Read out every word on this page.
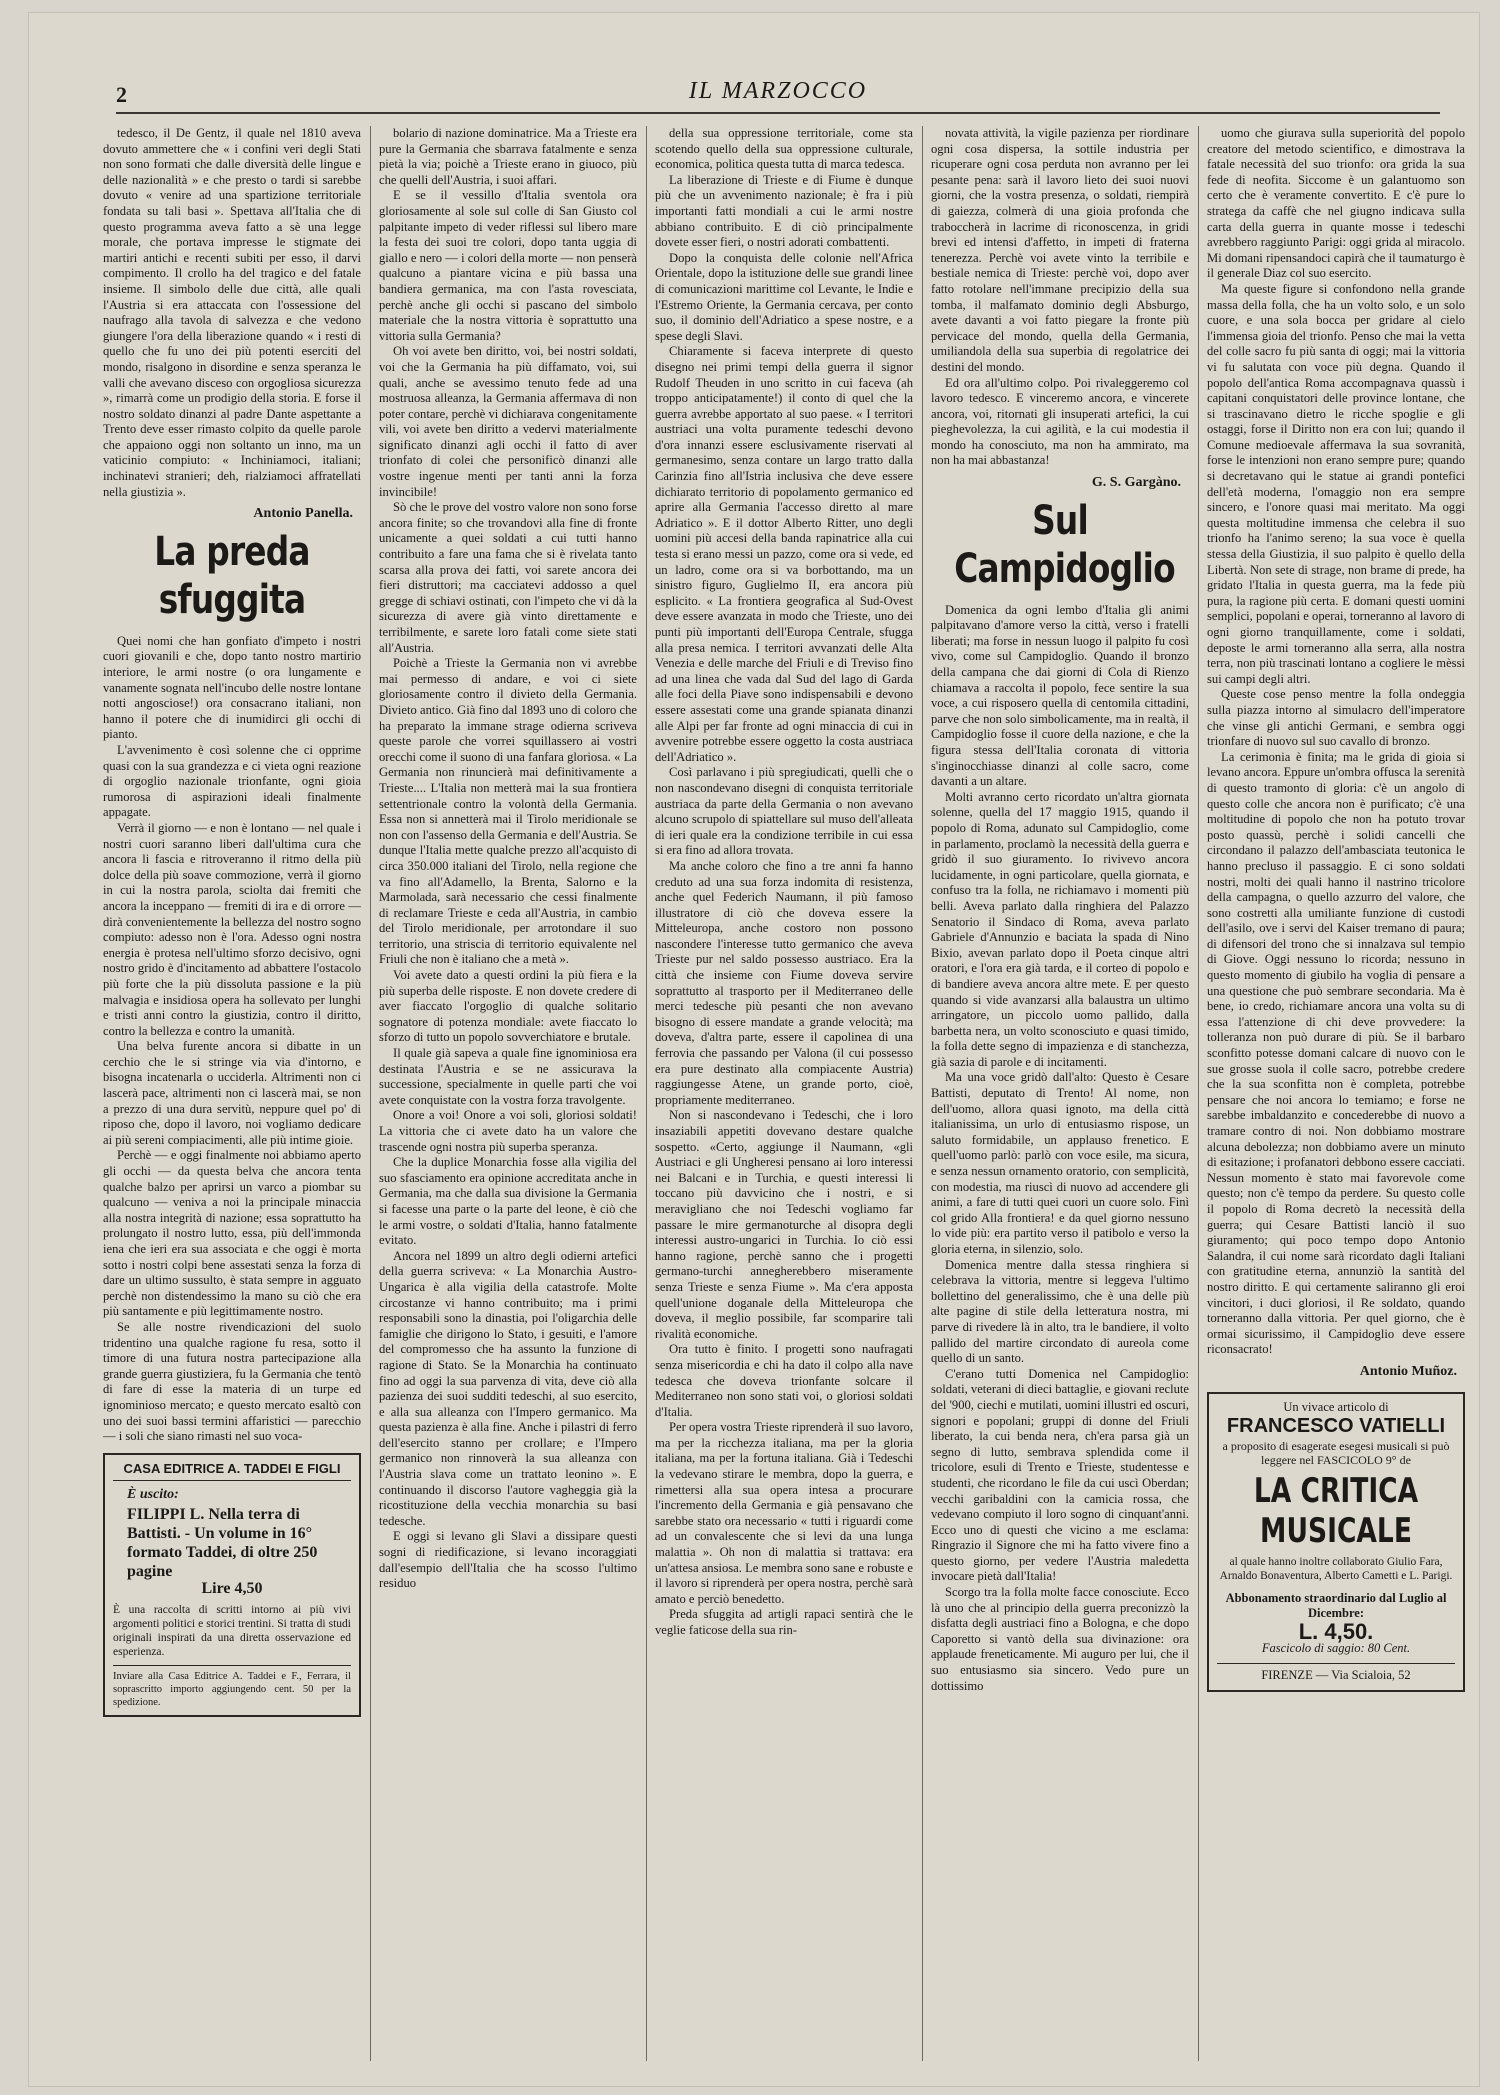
2	IL MARZOCCO

tedesco, il De Gentz, il quale nel 1810 aveva dovuto ammettere che « i confini veri degli Stati non sono formati che dalle diversità delle lingue e delle nazionalità » e che presto o tardi si sarebbe dovuto « venire ad una spartizione territoriale fondata su tali basi ». Spettava all'Italia che di questo programma aveva fatto a sè una legge morale, che portava impresse le stigmate dei martiri antichi e recenti subiti per esso, il darvi compimento. Il crollo ha del tragico e del fatale insieme. Il simbolo delle due città, alle quali l'Austria si era attaccata con l'ossessione del naufrago alla tavola di salvezza e che vedono giungere l'ora della liberazione quando « i resti di quello che fu uno dei più potenti eserciti del mondo, risalgono in disordine e senza speranza le valli che avevano disceso con orgogliosa sicurezza », rimarrà come un prodigio della storia. E forse il nostro soldato dinanzi al padre Dante aspettante a Trento deve esser rimasto colpito da quelle parole che appaiono oggi non soltanto un inno, ma un vaticinio compiuto: « Inchiniamoci, italiani; inchinatevi stranieri; deh, rialziamoci affratellati nella giustizia ».

Antonio Panella.

La preda sfuggita

Quei nomi che han gonfiato d'impeto i nostri cuori giovanili e che, dopo tanto nostro martirio interiore, le armi nostre (o ora lungamente e vanamente sognata nell'incubo delle nostre lontane notti angosciose!) ora consacrano italiani, non hanno il potere che di inumidirci gli occhi di pianto.

L'avvenimento è così solenne che ci opprime quasi con la sua grandezza e ci vieta ogni reazione di orgoglio nazionale trionfante, ogni gioia rumorosa di aspirazioni ideali finalmente appagate.

Verrà il giorno — e non è lontano — nel quale i nostri cuori saranno liberi dall'ultima cura che ancora li fascia e ritroveranno il ritmo della più dolce della più soave commozione, verrà il giorno in cui la nostra parola, sciolta dai fremiti che ancora la inceppano — fremiti di ira e di orrore — dirà convenientemente la bellezza del nostro sogno compiuto: adesso non è l'ora. Adesso ogni nostra energia è protesa nell'ultimo sforzo decisivo, ogni nostro grido è d'incitamento ad abbattere l'ostacolo più forte che la più dissoluta passione e la più malvagia e insidiosa opera ha sollevato per lunghi e tristi anni contro la giustizia, contro il diritto, contro la bellezza e contro la umanità.

Una belva furente ancora si dibatte in un cerchio che le si stringe via via d'intorno, e bisogna incatenarla o ucciderla. Altrimenti non ci lascerà pace, altrimenti non ci lascerà mai, se non a prezzo di una dura servitù, neppure quel po' di riposo che, dopo il lavoro, noi vogliamo dedicare ai più sereni compiacimenti, alle più intime gioie.

Perchè — e oggi finalmente noi abbiamo aperto gli occhi — da questa belva che ancora tenta qualche balzo per aprirsi un varco a piombar su qualcuno — veniva a noi la principale minaccia alla nostra integrità di nazione; essa soprattutto ha prolungato il nostro lutto, essa, più dell'immonda iena che ieri era sua associata e che oggi è morta sotto i nostri colpi bene assestati senza la forza di dare un ultimo sussulto, è stata sempre in agguato perchè non distendessimo la mano su ciò che era più santamente e più legittimamente nostro.

Se alle nostre rivendicazioni del suolo tridentino una qualche ragione fu resa, sotto il timore di una futura nostra partecipazione alla grande guerra giustiziera, fu la Germania che tentò di fare di esse la materia di un turpe ed ignominioso mercato; e questo mercato esaltò con uno dei suoi bassi termini affaristici — parecchio — i soli che siano rimasti nel suo voca-

CASA EDITRICE A. TADDEI E FIGLI
È uscito:
FILIPPI L. Nella terra di Battisti. - Un volume in 16° formato Taddei, di oltre 250 pagine
Lire 4,50
È una raccolta di scritti intorno ai più vivi argomenti politici e storici trentini. Si tratta di studi originali inspirati da una diretta osservazione ed esperienza.
Inviare alla Casa Editrice A. Taddei e F., Ferrara, il soprascritto importo aggiungendo cent. 50 per la spedizione.

bolario di nazione dominatrice. Ma a Trieste era pure la Germania che sbarrava fatalmente e senza pietà la via; poichè a Trieste erano in giuoco, più che quelli dell'Austria, i suoi affari.

E se il vessillo d'Italia sventola ora gloriosamente al sole sul colle di San Giusto col palpitante impeto di veder riflessi sul libero mare la festa dei suoi tre colori, dopo tanta uggia di giallo e nero — i colori della morte — non penserà qualcuno a piantare vicina e più bassa una bandiera germanica, ma con l'asta rovesciata, perchè anche gli occhi si pascano del simbolo materiale che la nostra vittoria è soprattutto una vittoria sulla Germania?

Oh voi avete ben diritto, voi, bei nostri soldati, voi che la Germania ha più diffamato, voi, sui quali, anche se avessimo tenuto fede ad una mostruosa alleanza, la Germania affermava di non poter contare, perchè vi dichiarava congenitamente vili, voi avete ben diritto a vedervi materialmente significato dinanzi agli occhi il fatto di aver trionfato di colei che personificò dinanzi alle vostre ingenue menti per tanti anni la forza invincibile!

Sò che le prove del vostro valore non sono forse ancora finite; so che trovandovi alla fine di fronte unicamente a quei soldati a cui tutti hanno contribuito a fare una fama che si è rivelata tanto scarsa alla prova dei fatti, voi sarete ancora dei fieri distruttori; ma cacciatevi addosso a quel gregge di schiavi ostinati, con l'impeto che vi dà la sicurezza di avere già vinto direttamente e terribilmente, e sarete loro fatali come siete stati all'Austria.

Poichè a Trieste la Germania non vi avrebbe mai permesso di andare, e voi ci siete gloriosamente contro il divieto della Germania. Divieto antico. Già fino dal 1893 uno di coloro che ha preparato la immane strage odierna scriveva queste parole che vorrei squillassero ai vostri orecchi come il suono di una fanfara gloriosa. « La Germania non rinuncierà mai definitivamente a Trieste.... L'Italia non metterà mai la sua frontiera settentrionale contro la volontà della Germania. Essa non si annetterà mai il Tirolo meridionale se non con l'assenso della Germania e dell'Austria. Se dunque l'Italia mette qualche prezzo all'acquisto di circa 350.000 italiani del Tirolo, nella regione che va fino all'Adamello, la Brenta, Salorno e la Marmolada, sarà necessario che cessi finalmente di reclamare Trieste e ceda all'Austria, in cambio del Tirolo meridionale, per arrotondare il suo territorio, una striscia di territorio equivalente nel Friuli che non è italiano che a metà ».

Voi avete dato a questi ordini la più fiera e la più superba delle risposte. E non dovete credere di aver fiaccato l'orgoglio di qualche solitario sognatore di potenza mondiale: avete fiaccato lo sforzo di tutto un popolo sovverchiatore e brutale.

Il quale già sapeva a quale fine ignominiosa era destinata l'Austria e se ne assicurava la successione, specialmente in quelle parti che voi avete conquistate con la vostra forza travolgente.

Onore a voi! Onore a voi soli, gloriosi soldati! La vittoria che ci avete dato ha un valore che trascende ogni nostra più superba speranza.

Che la duplice Monarchia fosse alla vigilia del suo sfasciamento era opinione accreditata anche in Germania, ma che dalla sua divisione la Germania si facesse una parte o la parte del leone, è ciò che le armi vostre, o soldati d'Italia, hanno fatalmente evitato.

Ancora nel 1899 un altro degli odierni artefici della guerra scriveva: « La Monarchia Austro-Ungarica è alla vigilia della catastrofe. Molte circostanze vi hanno contribuito; ma i primi responsabili sono la dinastia, poi l'oligarchia delle famiglie che dirigono lo Stato, i gesuiti, e l'amore del compromesso che ha assunto la funzione di ragione di Stato. Se la Monarchia ha continuato fino ad oggi la sua parvenza di vita, deve ciò alla pazienza dei suoi sudditi tedeschi, al suo esercito, e alla sua alleanza con l'Impero germanico. Ma questa pazienza è alla fine. Anche i pilastri di ferro dell'esercito stanno per crollare; e l'Impero germanico non rinnoverà la sua alleanza con l'Austria slava come un trattato leonino ». E continuando il discorso l'autore vagheggia già la ricostituzione della vecchia monarchia su basi tedesche.

E oggi si levano gli Slavi a dissipare questi sogni di riedificazione, si levano incoraggiati dall'esempio dell'Italia che ha scosso l'ultimo residuo

della sua oppressione territoriale, come sta scotendo quello della sua oppressione culturale, economica, politica questa tutta di marca tedesca.

La liberazione di Trieste e di Fiume è dunque più che un avvenimento nazionale; è fra i più importanti fatti mondiali a cui le armi nostre abbiano contribuito. E di ciò principalmente dovete esser fieri, o nostri adorati combattenti.

Dopo la conquista delle colonie nell'Africa Orientale, dopo la istituzione delle sue grandi linee di comunicazioni marittime col Levante, le Indie e l'Estremo Oriente, la Germania cercava, per conto suo, il dominio dell'Adriatico a spese nostre, e a spese degli Slavi.

Chiaramente si faceva interprete di questo disegno nei primi tempi della guerra il signor Rudolf Theuden in uno scritto in cui faceva (ah troppo anticipatamente!) il conto di quel che la guerra avrebbe apportato al suo paese. « I territori austriaci una volta puramente tedeschi devono d'ora innanzi essere esclusivamente riservati al germanesimo, senza contare un largo tratto dalla Carinzia fino all'Istria inclusiva che deve essere dichiarato territorio di popolamento germanico ed aprire alla Germania l'accesso diretto al mare Adriatico ». E il dottor Alberto Ritter, uno degli uomini più accesi della banda rapinatrice alla cui testa si erano messi un pazzo, come ora si vede, ed un ladro, come ora si va borbottando, ma un sinistro figuro, Guglielmo II, era ancora più esplicito. « La frontiera geografica al Sud-Ovest deve essere avanzata in modo che Trieste, uno dei punti più importanti dell'Europa Centrale, sfugga alla presa nemica. I territori avvanzati delle Alta Venezia e delle marche del Friuli e di Treviso fino ad una linea che vada dal Sud del lago di Garda alle foci della Piave sono indispensabili e devono essere assestati come una grande spianata dinanzi alle Alpi per far fronte ad ogni minaccia di cui in avvenire potrebbe essere oggetto la costa austriaca dell'Adriatico ».

Così parlavano i più spregiudicati, quelli che o non nascondevano disegni di conquista territoriale austriaca da parte della Germania o non avevano alcuno scrupolo di spiattellare sul muso dell'alleata di ieri quale era la condizione terribile in cui essa si era fino ad allora trovata.

Ma anche coloro che fino a tre anni fa hanno creduto ad una sua forza indomita di resistenza, anche quel Federich Naumann, il più famoso illustratore di ciò che doveva essere la Mitteleuropa, anche costoro non possono nascondere l'interesse tutto germanico che aveva Trieste pur nel saldo possesso austriaco. Era la città che insieme con Fiume doveva servire soprattutto al trasporto per il Mediterraneo delle merci tedesche più pesanti che non avevano bisogno di essere mandate a grande velocità; ma doveva, d'altra parte, essere il capolinea di una ferrovia che passando per Valona (il cui possesso era pure destinato alla compiacente Austria) raggiungesse Atene, un grande porto, cioè, propriamente mediterraneo.

Non si nascondevano i Tedeschi, che i loro insaziabili appetiti dovevano destare qualche sospetto. «Certo, aggiunge il Naumann, «gli Austriaci e gli Ungheresi pensano ai loro interessi nei Balcani e in Turchia, e questi interessi li toccano più davvicino che i nostri, e si meravigliano che noi Tedeschi vogliamo far passare le mire germanoturche al disopra degli interessi austro-ungarici in Turchia. Io ciò essi hanno ragione, perchè sanno che i progetti germano-turchi annegherebbero miseramente senza Trieste e senza Fiume ». Ma c'era apposta quell'unione doganale della Mitteleuropa che doveva, il meglio possibile, far scomparire tali rivalità economiche.

Ora tutto è finito. I progetti sono naufragati senza misericordia e chi ha dato il colpo alla nave tedesca che doveva trionfante solcare il Mediterraneo non sono stati voi, o gloriosi soldati d'Italia.

Per opera vostra Trieste riprenderà il suo lavoro, ma per la ricchezza italiana, ma per la gloria italiana, ma per la fortuna italiana. Già i Tedeschi la vedevano stirare le membra, dopo la guerra, e rimettersi alla sua opera intesa a procurare l'incremento della Germania e già pensavano che sarebbe stato ora necessario « tutti i riguardi come ad un convalescente che si levi da una lunga malattia ». Oh non di malattia si trattava: era un'attesa ansiosa. Le membra sono sane e robuste e il lavoro si riprenderà per opera nostra, perchè sarà amato e perciò benedetto.

Preda sfuggita ad artigli rapaci sentirà che le veglie faticose della sua rin-

novata attività, la vigile pazienza per riordinare ogni cosa dispersa, la sottile industria per ricuperare ogni cosa perduta non avranno per lei pesante pena: sarà il lavoro lieto dei suoi nuovi giorni, che la vostra presenza, o soldati, riempirà di gaiezza, colmerà di una gioia profonda che traboccherà in lacrime di riconoscenza, in gridi brevi ed intensi d'affetto, in impeti di fraterna tenerezza. Perchè voi avete vinto la terribile e bestiale nemica di Trieste: perchè voi, dopo aver fatto rotolare nell'immane precipizio della sua tomba, il malfamato dominio degli Absburgo, avete davanti a voi fatto piegare la fronte più pervicace del mondo, quella della Germania, umiliandola della sua superbia di regolatrice dei destini del mondo.

Ed ora all'ultimo colpo. Poi rivaleggeremo col lavoro tedesco. E vinceremo ancora, e vincerete ancora, voi, ritornati gli insuperati artefici, la cui pieghevolezza, la cui agilità, e la cui modestia il mondo ha conosciuto, ma non ha ammirato, ma non ha mai abbastanza!

G. S. Gargàno.

Sul Campidoglio

Domenica da ogni lembo d'Italia gli animi palpitavano d'amore verso la città, verso i fratelli liberati; ma forse in nessun luogo il palpito fu così vivo, come sul Campidoglio. Quando il bronzo della campana che dai giorni di Cola di Rienzo chiamava a raccolta il popolo, fece sentire la sua voce, a cui risposero quella di centomila cittadini, parve che non solo simbolicamente, ma in realtà, il Campidoglio fosse il cuore della nazione, e che la figura stessa dell'Italia coronata di vittoria s'inginocchiasse dinanzi al colle sacro, come davanti a un altare.

Molti avranno certo ricordato un'altra giornata solenne, quella del 17 maggio 1915, quando il popolo di Roma, adunato sul Campidoglio, come in parlamento, proclamò la necessità della guerra e gridò il suo giuramento. Io rivivevo ancora lucidamente, in ogni particolare, quella giornata, e confuso tra la folla, ne richiamavo i momenti più belli. Aveva parlato dalla ringhiera del Palazzo Senatorio il Sindaco di Roma, aveva parlato Gabriele d'Annunzio e baciata la spada di Nino Bixio, avevan parlato dopo il Poeta cinque altri oratori, e l'ora era già tarda, e il corteo di popolo e di bandiere aveva ancora altre mete. E per questo quando si vide avanzarsi alla balaustra un ultimo arringatore, un piccolo uomo pallido, dalla barbetta nera, un volto sconosciuto e quasi timido, la folla dette segno di impazienza e di stanchezza, già sazia di parole e di incitamenti.

Ma una voce gridò dall'alto: Questo è Cesare Battisti, deputato di Trento! Al nome, non dell'uomo, allora quasi ignoto, ma della città italianissima, un urlo di entusiasmo rispose, un saluto formidabile, un applauso frenetico. E quell'uomo parlò: parlò con voce esile, ma sicura, e senza nessun ornamento oratorio, con semplicità, con modestia, ma riuscì di nuovo ad accendere gli animi, a fare di tutti quei cuori un cuore solo. Finì col grido Alla frontiera! e da quel giorno nessuno lo vide più: era partito verso il patibolo e verso la gloria eterna, in silenzio, solo.

Domenica mentre dalla stessa ringhiera si celebrava la vittoria, mentre si leggeva l'ultimo bollettino del generalissimo, che è una delle più alte pagine di stile della letteratura nostra, mi parve di rivedere là in alto, tra le bandiere, il volto pallido del martire circondato di aureola come quello di un santo.

C'erano tutti Domenica nel Campidoglio: soldati, veterani di dieci battaglie, e giovani reclute del '900, ciechi e mutilati, uomini illustri ed oscuri, signori e popolani; gruppi di donne del Friuli liberato, la cui benda nera, ch'era parsa già un segno di lutto, sembrava splendida come il tricolore, esuli di Trento e Trieste, studentesse e studenti, che ricordano le file da cui uscì Oberdan; vecchi garibaldini con la camicia rossa, che vedevano compiuto il loro sogno di cinquant'anni. Ecco uno di questi che vicino a me esclama: Ringrazio il Signore che mi ha fatto vivere fino a questo giorno, per vedere l'Austria maledetta invocare pietà dall'Italia!

Scorgo tra la folla molte facce conosciute. Ecco là uno che al principio della guerra preconizzò la disfatta degli austriaci fino a Bologna, e che dopo Caporetto si vantò della sua divinazione: ora applaude freneticamente. Mi auguro per lui, che il suo entusiasmo sia sincero. Vedo pure un dottissimo

uomo che giurava sulla superiorità del popolo creatore del metodo scientifico, e dimostrava la fatale necessità del suo trionfo: ora grida la sua fede di neofita. Siccome è un galantuomo son certo che è veramente convertito. E c'è pure lo stratega da caffè che nel giugno indicava sulla carta della guerra in quante mosse i tedeschi avrebbero raggiunto Parigi: oggi grida al miracolo. Mi domani ripensandoci capirà che il taumaturgo è il generale Diaz col suo esercito.

Ma queste figure si confondono nella grande massa della folla, che ha un volto solo, e un solo cuore, e una sola bocca per gridare al cielo l'immensa gioia del trionfo. Penso che mai la vetta del colle sacro fu più santa di oggi; mai la vittoria vi fu salutata con voce più degna. Quando il popolo dell'antica Roma accompagnava quassù i capitani conquistatori delle province lontane, che si trascinavano dietro le ricche spoglie e gli ostaggi, forse il Diritto non era con lui; quando il Comune medioevale affermava la sua sovranità, forse le intenzioni non erano sempre pure; quando si decretavano qui le statue ai grandi pontefici dell'età moderna, l'omaggio non era sempre sincero, e l'onore quasi mai meritato. Ma oggi questa moltitudine immensa che celebra il suo trionfo ha l'animo sereno; la sua voce è quella stessa della Giustizia, il suo palpito è quello della Libertà. Non sete di strage, non brame di prede, ha gridato l'Italia in questa guerra, ma la fede più pura, la ragione più certa. E domani questi uomini semplici, popolani e operai, torneranno al lavoro di ogni giorno tranquillamente, come i soldati, deposte le armi torneranno alla serra, alla nostra terra, non più trascinati lontano a cogliere le mèssi sui campi degli altri.

Queste cose penso mentre la folla ondeggia sulla piazza intorno al simulacro dell'imperatore che vinse gli antichi Germani, e sembra oggi trionfare di nuovo sul suo cavallo di bronzo.

La cerimonia è finita; ma le grida di gioia si levano ancora. Eppure un'ombra offusca la serenità di questo tramonto di gloria: c'è un angolo di questo colle che ancora non è purificato; c'è una moltitudine di popolo che non ha potuto trovar posto quassù, perchè i solidi cancelli che circondano il palazzo dell'ambasciata teutonica le hanno precluso il passaggio. E ci sono soldati nostri, molti dei quali hanno il nastrino tricolore della campagna, o quello azzurro del valore, che sono costretti alla umiliante funzione di custodi dell'asilo, ove i servi del Kaiser tremano di paura; di difensori del trono che si innalzava sul tempio di Giove. Oggi nessuno lo ricorda; nessuno in questo momento di giubilo ha voglia di pensare a una questione che può sembrare secondaria. Ma è bene, io credo, richiamare ancora una volta su di essa l'attenzione di chi deve provvedere: la tolleranza non può durare di più. Se il barbaro sconfitto potesse domani calcare di nuovo con le sue grosse suola il colle sacro, potrebbe credere che la sua sconfitta non è completa, potrebbe pensare che noi ancora lo temiamo; e forse ne sarebbe imbaldanzito e concederebbe di nuovo a tramare contro di noi. Non dobbiamo mostrare alcuna debolezza; non dobbiamo avere un minuto di esitazione; i profanatori debbono essere cacciati. Nessun momento è stato mai favorevole come questo; non c'è tempo da perdere. Su questo colle il popolo di Roma decretò la necessità della guerra; qui Cesare Battisti lanciò il suo giuramento; qui poco tempo dopo Antonio Salandra, il cui nome sarà ricordato dagli Italiani con gratitudine eterna, annunziò la santità del nostro diritto. E qui certamente saliranno gli eroi vincitori, i duci gloriosi, il Re soldato, quando torneranno dalla vittoria. Per quel giorno, che è ormai sicurissimo, il Campidoglio deve essere riconsacrato!

Antonio Muñoz.

Un vivace articolo di
FRANCESCO VATIELLI
a proposito di esagerate esegesi musicali si può leggere nel FASCICOLO 9° de
LA CRITICA MUSICALE
al quale hanno inoltre collaborato Giulio Fara, Arnaldo Bonaventura, Alberto Cametti e L. Parigi.
Abbonamento straordinario dal Luglio al Dicembre:
L. 4,50.
Fascicolo di saggio: 80 Cent.
FIRENZE — Via Scialoia, 52
